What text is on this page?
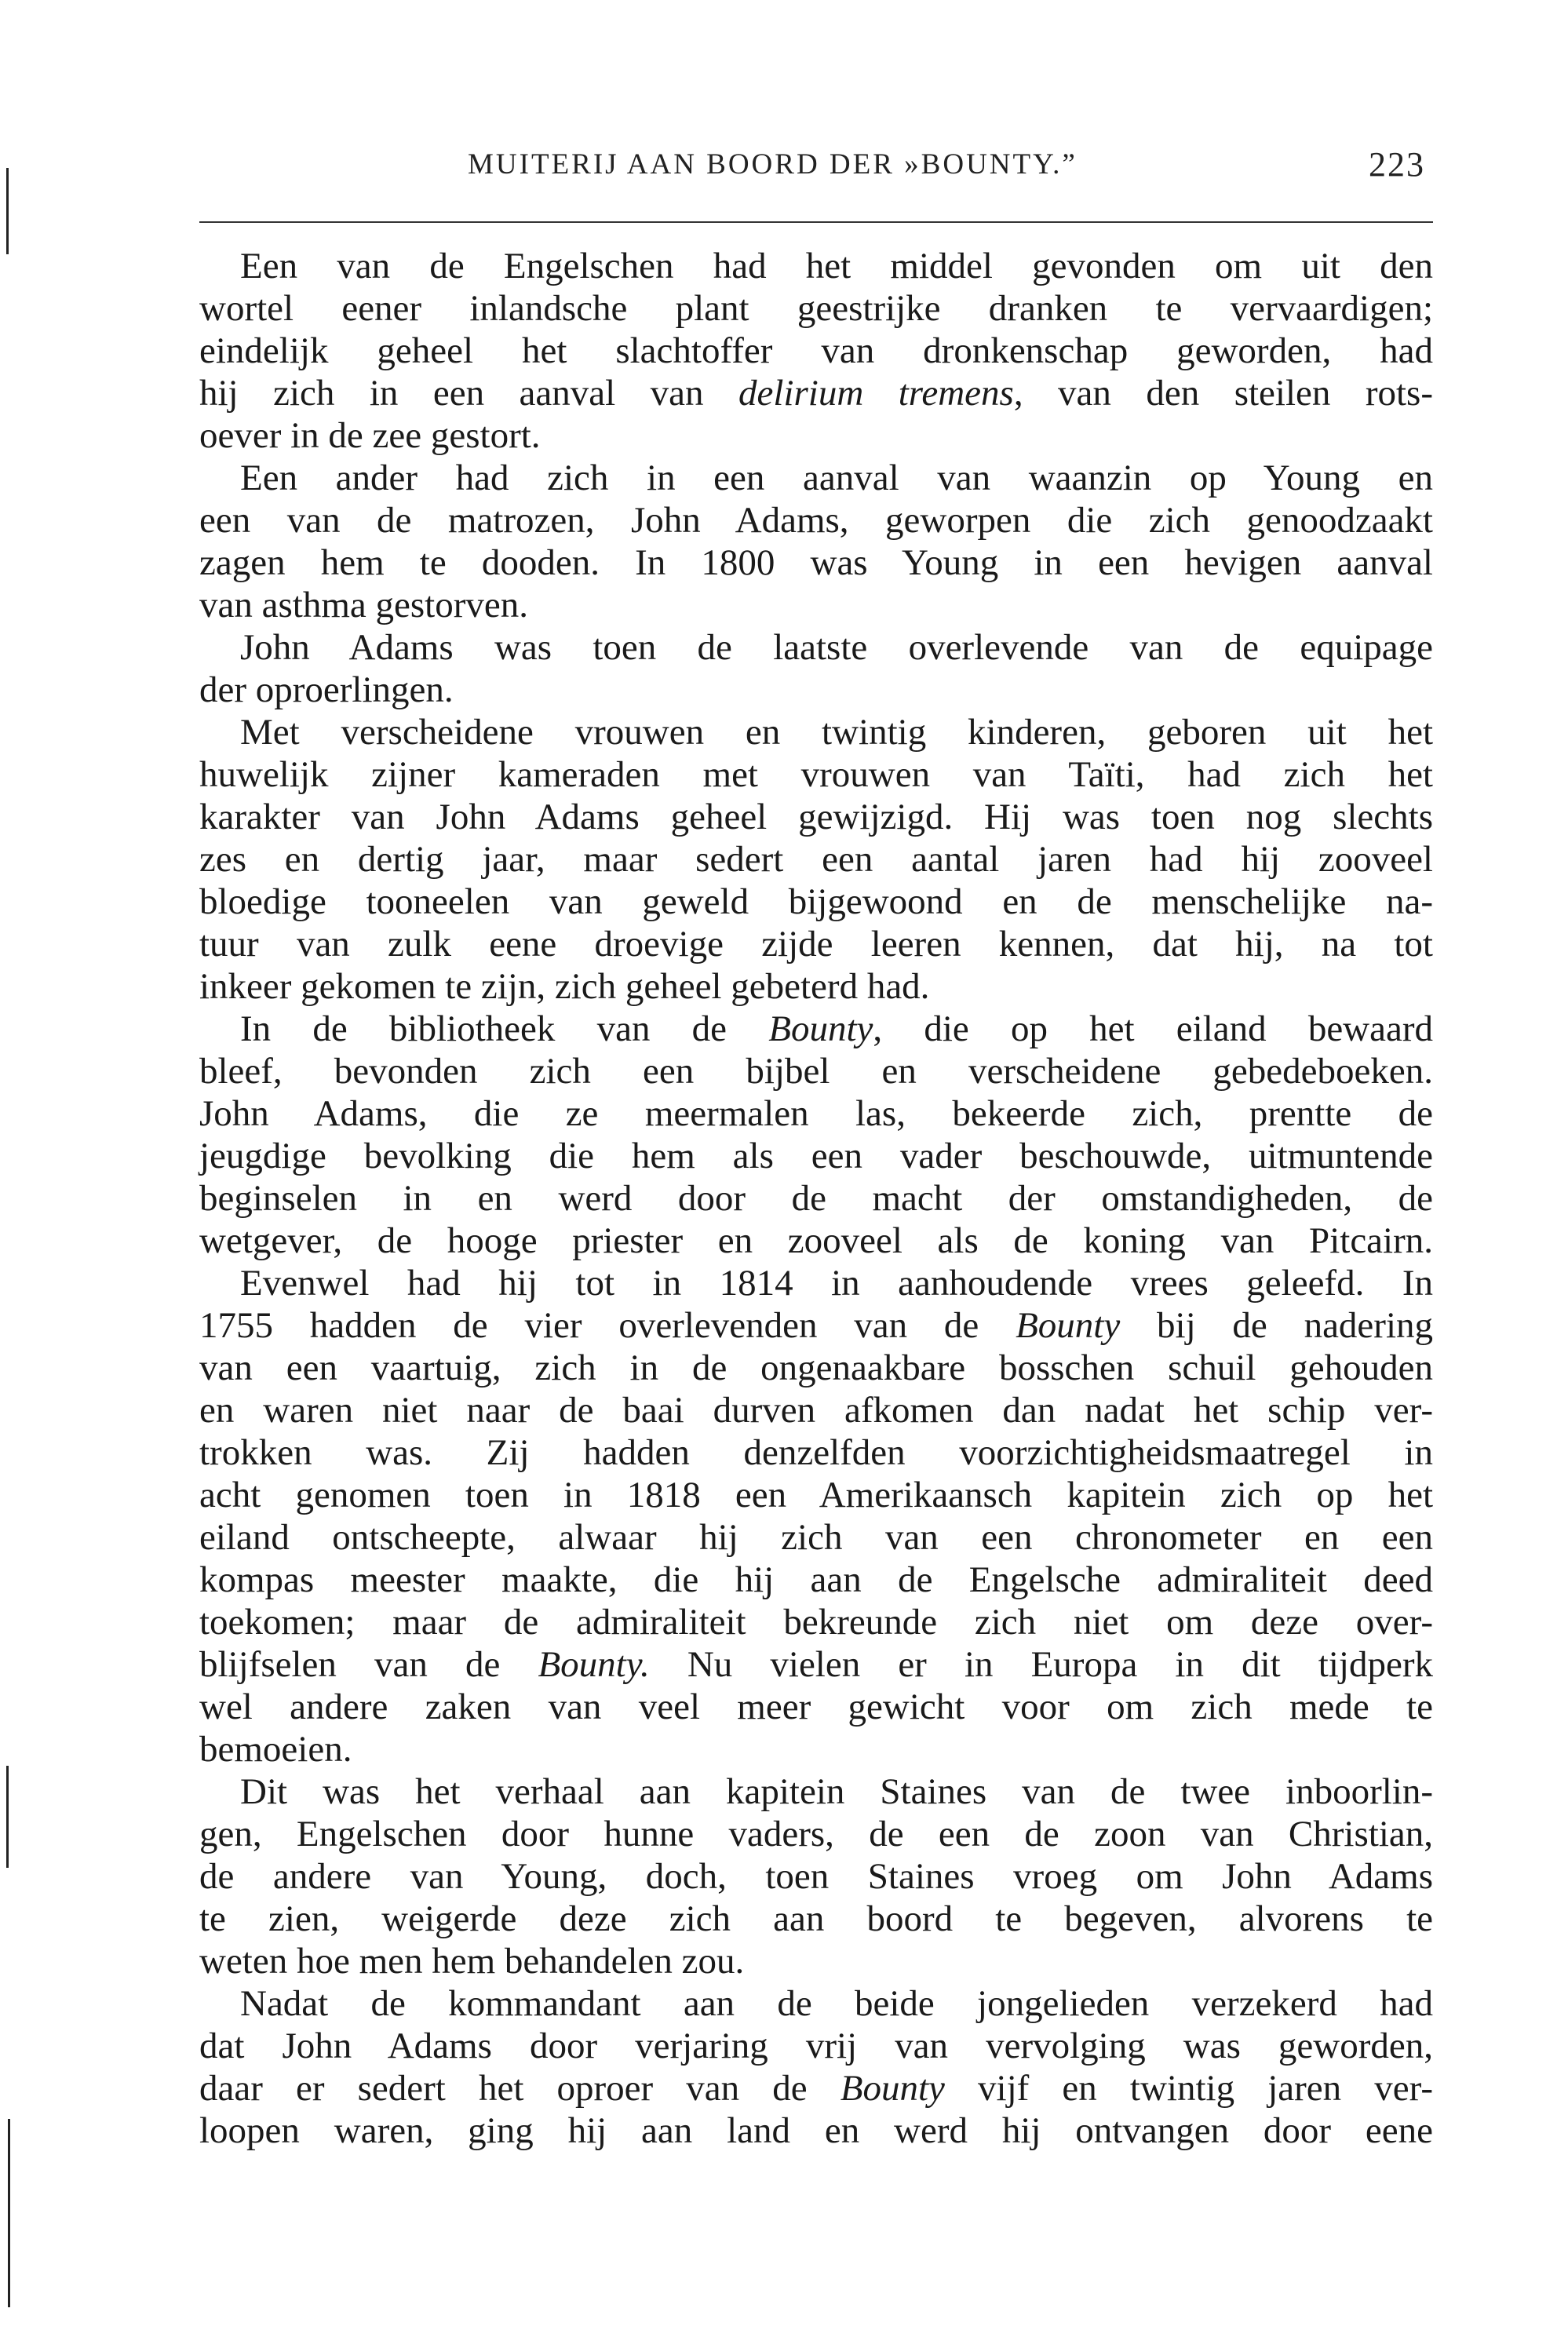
MUITERIJ AAN BOORD DER »BOUNTY.”	223
Een van de Engelschen had het middel gevonden om uit den
wortel eener inlandsche plant geestrijke dranken te vervaardigen;
eindelijk geheel het slachtoffer van dronkenschap geworden, had
hij zich in een aanval van delirium tremens, van den steilen rots-
oever in de zee gestort.
Een ander had zich in een aanval van waanzin op Young en
een van de matrozen, John Adams, geworpen die zich genoodzaakt
zagen hem te dooden. In 1800 was Young in een hevigen aanval
van asthma gestorven.
John Adams was toen de laatste overlevende van de equipage
der oproerlingen.
Met verscheidene vrouwen en twintig kinderen, geboren uit het
huwelijk zijner kameraden met vrouwen van Taïti, had zich het
karakter van John Adams geheel gewijzigd. Hij was toen nog slechts
zes en dertig jaar, maar sedert een aantal jaren had hij zooveel
bloedige tooneelen van geweld bijgewoond en de menschelijke na-
tuur van zulk eene droevige zijde leeren kennen, dat hij, na tot
inkeer gekomen te zijn, zich geheel gebeterd had.
In de bibliotheek van de Bounty, die op het eiland bewaard
bleef, bevonden zich een bijbel en verscheidene gebedeboeken.
John Adams, die ze meermalen las, bekeerde zich, prentte de
jeugdige bevolking die hem als een vader beschouwde, uitmuntende
beginselen in en werd door de macht der omstandigheden, de
wetgever, de hooge priester en zooveel als de koning van Pitcairn.
Evenwel had hij tot in 1814 in aanhoudende vrees geleefd. In
1755 hadden de vier overlevenden van de Bounty bij de nadering
van een vaartuig, zich in de ongenaakbare bosschen schuil gehouden
en waren niet naar de baai durven afkomen dan nadat het schip ver-
trokken was. Zij hadden denzelfden voorzichtigheidsmaatregel in
acht genomen toen in 1818 een Amerikaansch kapitein zich op het
eiland ontscheepte, alwaar hij zich van een chronometer en een
kompas meester maakte, die hij aan de Engelsche admiraliteit deed
toekomen; maar de admiraliteit bekreunde zich niet om deze over-
blijfselen van de Bounty. Nu vielen er in Europa in dit tijdperk
wel andere zaken van veel meer gewicht voor om zich mede te
bemoeien.
Dit was het verhaal aan kapitein Staines van de twee inboorlin-
gen, Engelschen door hunne vaders, de een de zoon van Christian,
de andere van Young, doch, toen Staines vroeg om John Adams
te zien, weigerde deze zich aan boord te begeven, alvorens te
weten hoe men hem behandelen zou.
Nadat de kommandant aan de beide jongelieden verzekerd had
dat John Adams door verjaring vrij van vervolging was geworden,
daar er sedert het oproer van de Bounty vijf en twintig jaren ver-
loopen waren, ging hij aan land en werd hij ontvangen door eene
